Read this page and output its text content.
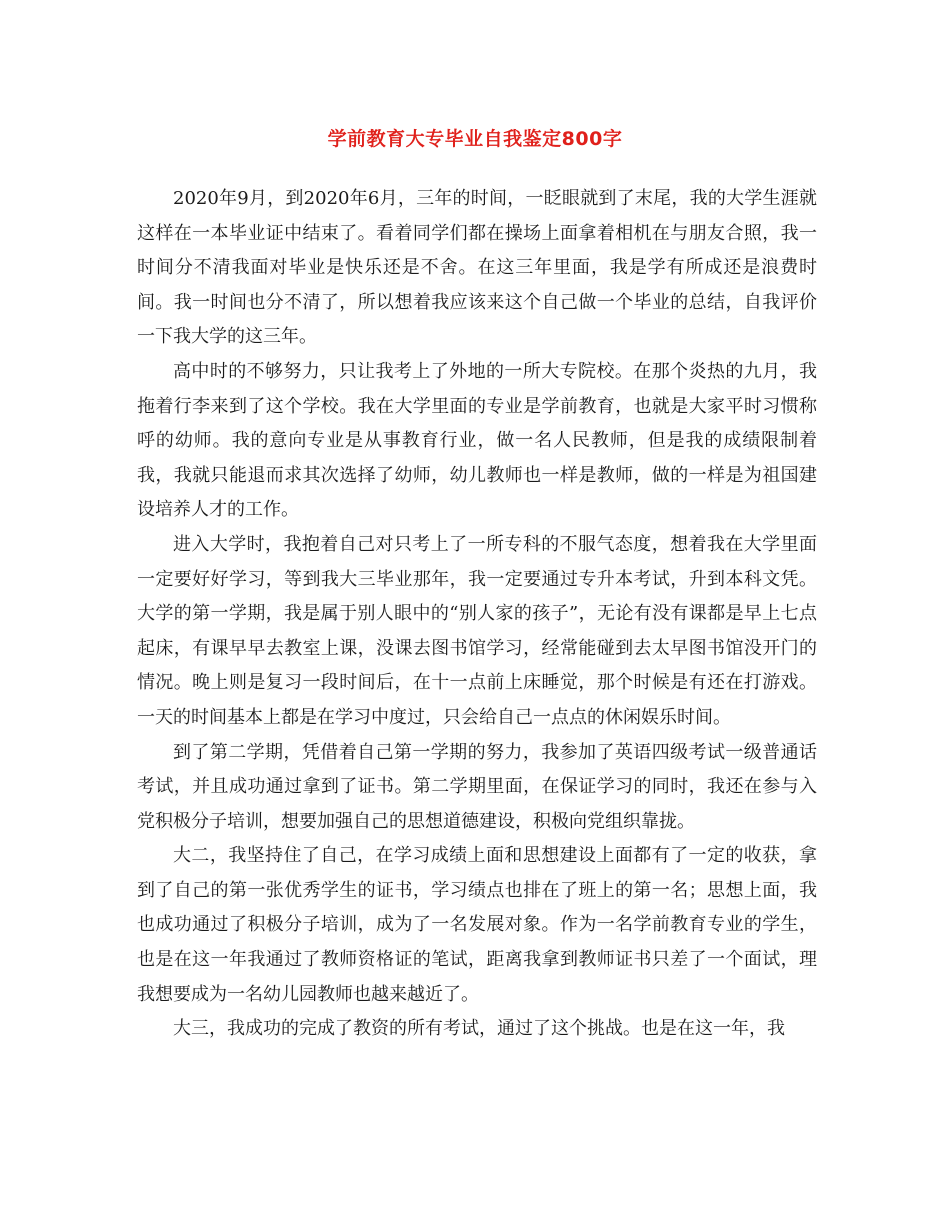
学前教育大专毕业自我鉴定800字

2020年9月，到2020年6月，三年的时间，一眨眼就到了末尾，我的大学生涯就这样在一本毕业证中结束了。看着同学们都在操场上面拿着相机在与朋友合照，我一时间分不清我面对毕业是快乐还是不舍。在这三年里面，我是学有所成还是浪费时间。我一时间也分不清了，所以想着我应该来这个自己做一个毕业的总结，自我评价一下我大学的这三年。

高中时的不够努力，只让我考上了外地的一所大专院校。在那个炎热的九月，我拖着行李来到了这个学校。我在大学里面的专业是学前教育，也就是大家平时习惯称呼的幼师。我的意向专业是从事教育行业，做一名人民教师，但是我的成绩限制着我，我就只能退而求其次选择了幼师，幼儿教师也一样是教师，做的一样是为祖国建设培养人才的工作。

进入大学时，我抱着自己对只考上了一所专科的不服气态度，想着我在大学里面一定要好好学习，等到我大三毕业那年，我一定要通过专升本考试，升到本科文凭。大学的第一学期，我是属于别人眼中的“别人家的孩子”，无论有没有课都是早上七点起床，有课早早去教室上课，没课去图书馆学习，经常能碰到去太早图书馆没开门的情况。晚上则是复习一段时间后，在十一点前上床睡觉，那个时候是有还在打游戏。一天的时间基本上都是在学习中度过，只会给自己一点点的休闲娱乐时间。

到了第二学期，凭借着自己第一学期的努力，我参加了英语四级考试一级普通话考试，并且成功通过拿到了证书。第二学期里面，在保证学习的同时，我还在参与入党积极分子培训，想要加强自己的思想道德建设，积极向党组织靠拢。

大二，我坚持住了自己，在学习成绩上面和思想建设上面都有了一定的收获，拿到了自己的第一张优秀学生的证书，学习绩点也排在了班上的第一名；思想上面，我也成功通过了积极分子培训，成为了一名发展对象。作为一名学前教育专业的学生，也是在这一年我通过了教师资格证的笔试，距离我拿到教师证书只差了一个面试，理我想要成为一名幼儿园教师也越来越近了。

大三，我成功的完成了教资的所有考试，通过了这个挑战。也是在这一年，我
